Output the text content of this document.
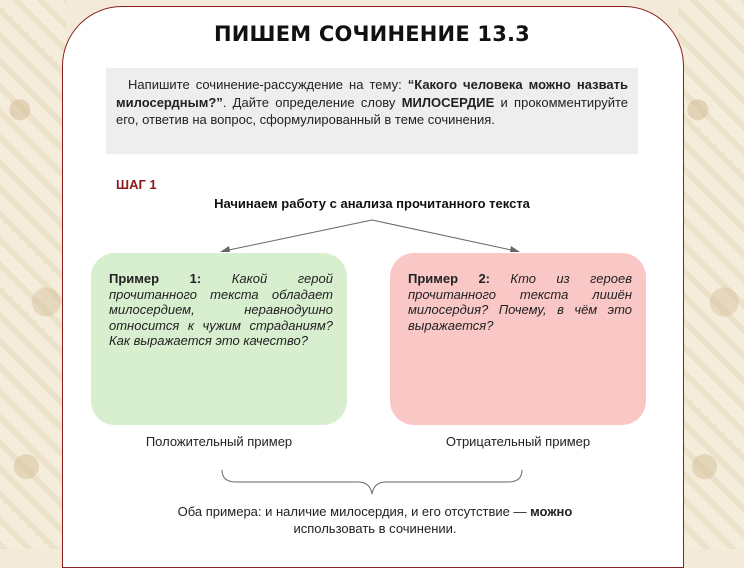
ПИШЕМ СОЧИНЕНИЕ 13.3
Напишите сочинение-рассуждение на тему: “Какого человека можно назвать милосердным?”. Дайте определение слову МИЛОСЕРДИЕ и прокомментируйте его, ответив на вопрос, сформулированный в теме сочинения.
ШАГ 1
Начинаем работу с анализа прочитанного текста
Пример 1: Какой герой прочитанного текста обладает милосердием, неравнодушно относится к чужим страданиям? Как выражается это качество?
Пример 2: Кто из героев прочитанного текста лишён милосердия? Почему, в чём это выражается?
Положительный пример	Отрицательный пример
Оба примера: и наличие милосердия, и его отсутствие — можно использовать в сочинении.
